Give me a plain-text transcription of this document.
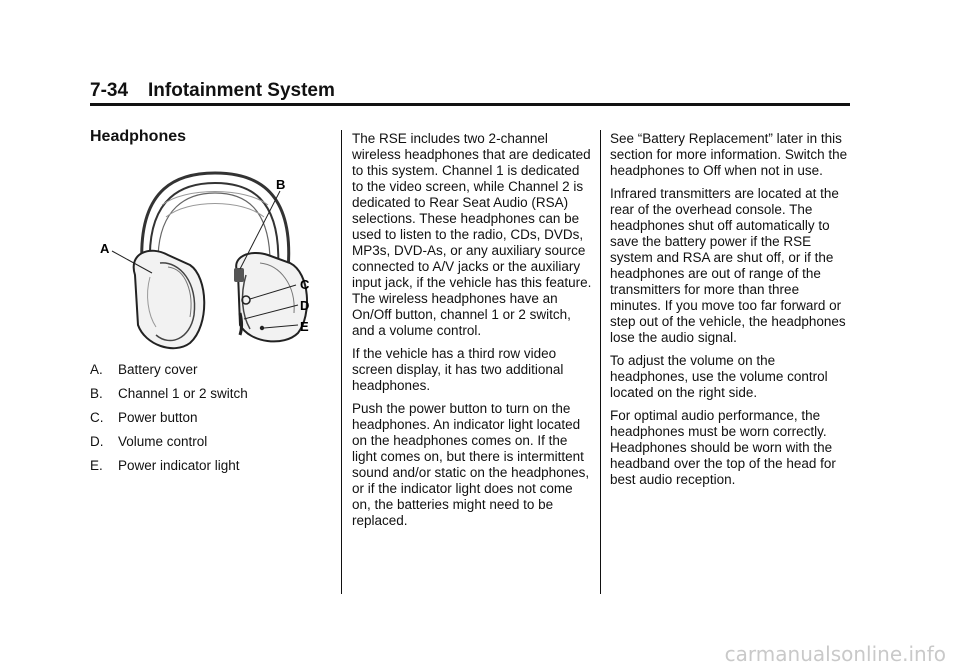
7-34 Infotainment System
Headphones
A
B
C
D
E
A.	Battery cover
B.	Channel 1 or 2 switch
C.	Power button
D.	Volume control
E.	Power indicator light

The RSE includes two 2-channel wireless headphones that are dedicated to this system. Channel 1 is dedicated to the video screen, while Channel 2 is dedicated to Rear Seat Audio (RSA) selections. These headphones can be used to listen to the radio, CDs, DVDs, MP3s, DVD-As, or any auxiliary source connected to A/V jacks or the auxiliary input jack, if the vehicle has this feature. The wireless headphones have an On/Off button, channel 1 or 2 switch, and a volume control.

If the vehicle has a third row video screen display, it has two additional headphones.

Push the power button to turn on the headphones. An indicator light located on the headphones comes on. If the light comes on, but there is intermittent sound and/or static on the headphones, or if the indicator light does not come on, the batteries might need to be replaced.

See “Battery Replacement” later in this section for more information. Switch the headphones to Off when not in use.

Infrared transmitters are located at the rear of the overhead console. The headphones shut off automatically to save the battery power if the RSE system and RSA are shut off, or if the headphones are out of range of the transmitters for more than three minutes. If you move too far forward or step out of the vehicle, the headphones lose the audio signal.

To adjust the volume on the headphones, use the volume control located on the right side.

For optimal audio performance, the headphones must be worn correctly. Headphones should be worn with the headband over the top of the head for best audio reception.

carmanualsonline.info
